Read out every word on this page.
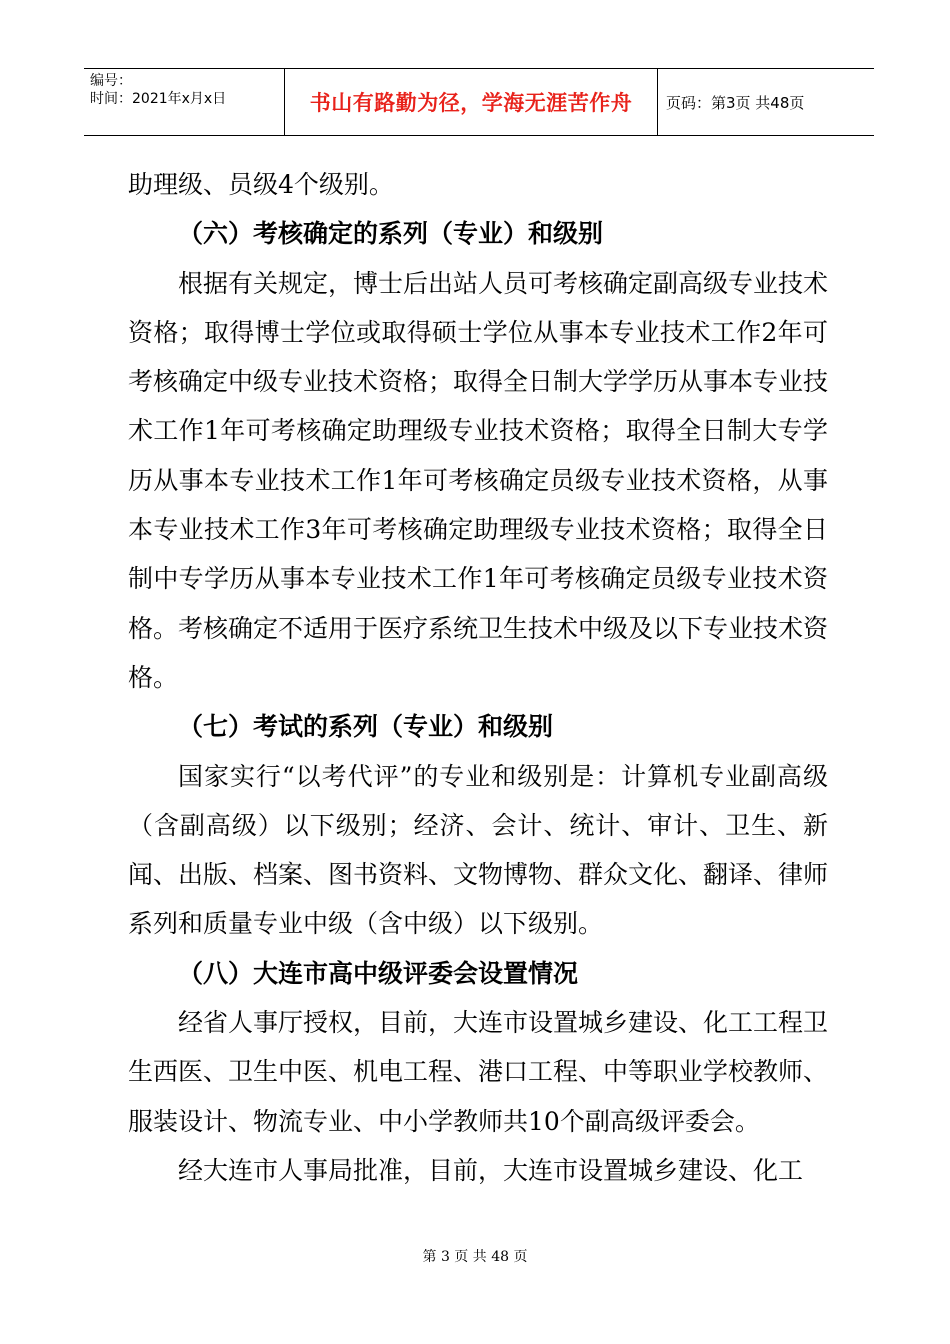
编号：
时间：2021年x月x日	书山有路勤为径，学海无涯苦作舟 页码：第3页 共48页

助理级、员级4个级别。

（六）考核确定的系列（专业）和级别

根据有关规定，博士后出站人员可考核确定副高级专业技术资格；取得博士学位或取得硕士学位从事本专业技术工作2年可考核确定中级专业技术资格；取得全日制大学学历从事本专业技术工作1年可考核确定助理级专业技术资格；取得全日制大专学历从事本专业技术工作1年可考核确定员级专业技术资格，从事本专业技术工作3年可考核确定助理级专业技术资格；取得全日制中专学历从事本专业技术工作1年可考核确定员级专业技术资格。考核确定不适用于医疗系统卫生技术中级及以下专业技术资格。

（七）考试的系列（专业）和级别

国家实行“以考代评”的专业和级别是：计算机专业副高级（含副高级）以下级别；经济、会计、统计、审计、卫生、新闻、出版、档案、图书资料、文物博物、群众文化、翻译、律师系列和质量专业中级（含中级）以下级别。

（八）大连市高中级评委会设置情况

经省人事厅授权，目前，大连市设置城乡建设、化工工程卫生西医、卫生中医、机电工程、港口工程、中等职业学校教师、服装设计、物流专业、中小学教师共10个副高级评委会。

经大连市人事局批准，目前，大连市设置城乡建设、化工

第 3 页 共 48 页
